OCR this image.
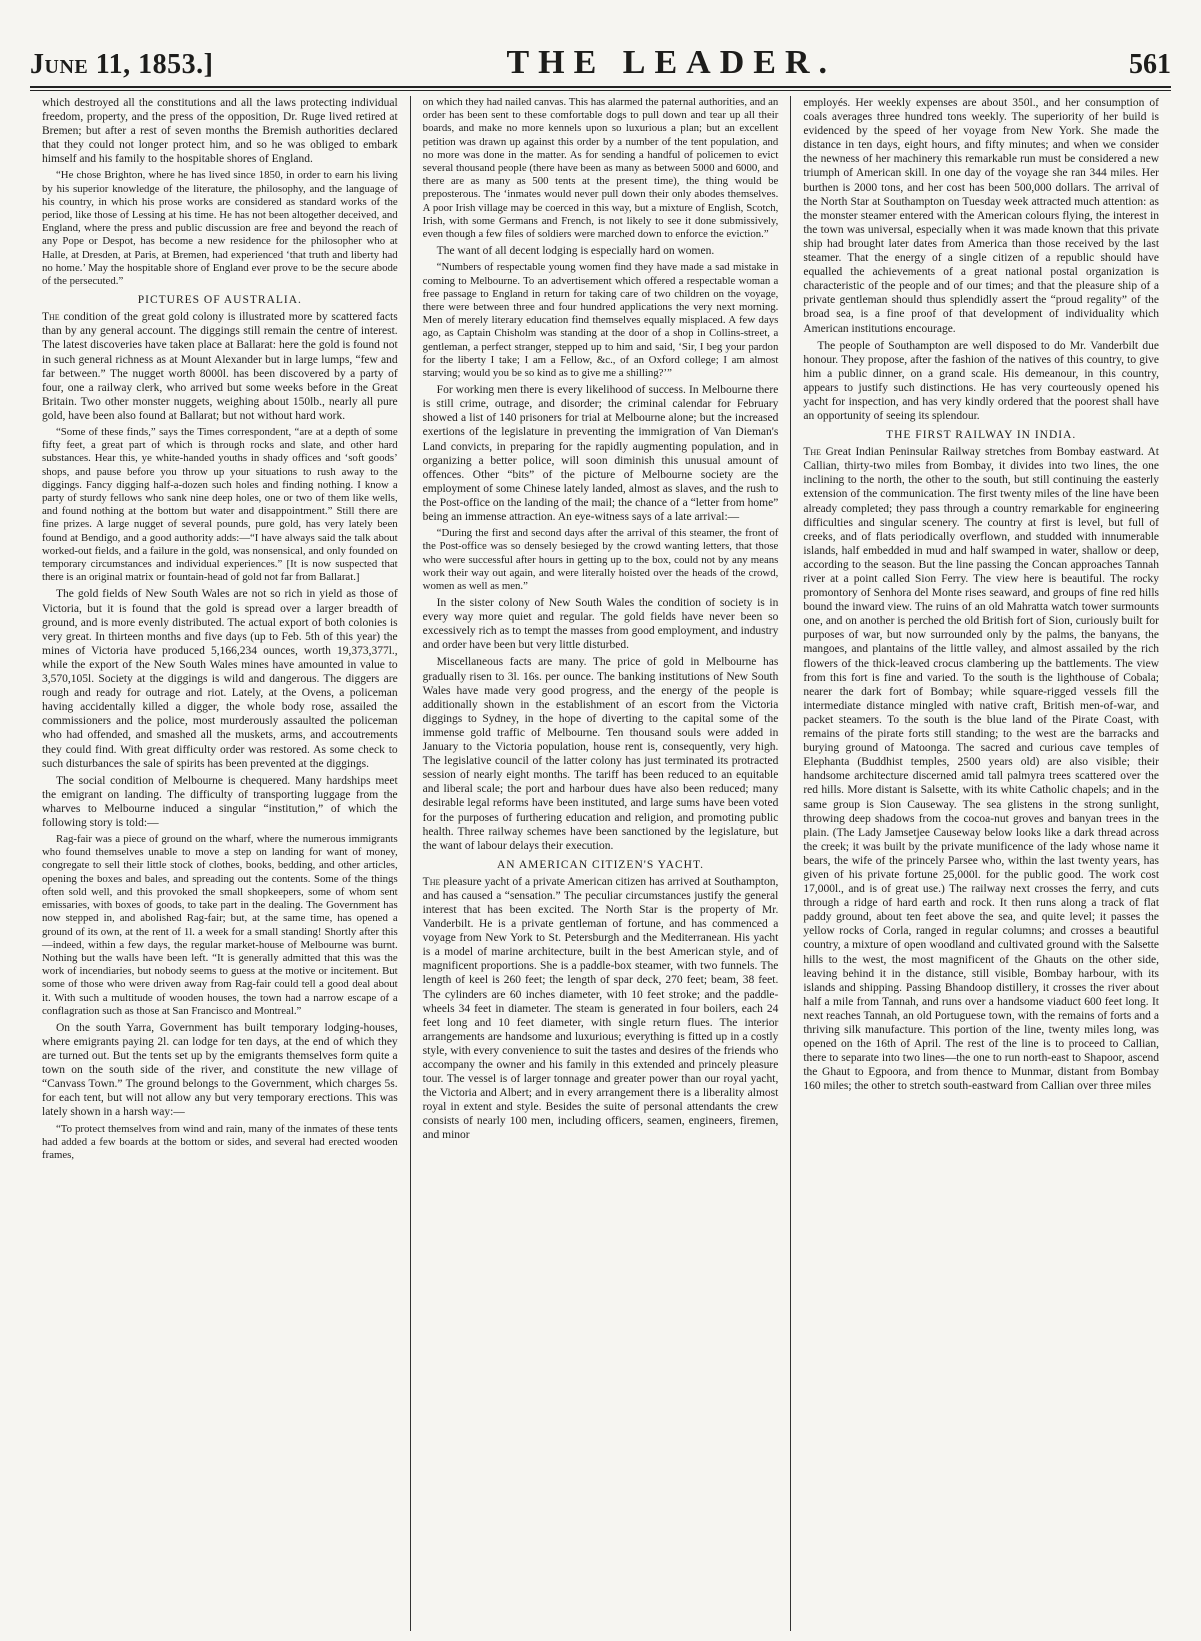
June 11, 1853.]	THE LEADER.	561

which destroyed all the constitutions and all the laws protecting individual freedom, property, and the press of the opposition, Dr. Ruge lived retired at Bremen; but after a rest of seven months the Bremish authorities declared that they could not longer protect him, and so he was obliged to embark himself and his family to the hospitable shores of England.

“He chose Brighton, where he has lived since 1850, in order to earn his living by his superior knowledge of the literature, the philosophy, and the language of his country, in which his prose works are considered as standard works of the period, like those of Lessing at his time. He has not been altogether deceived, and England, where the press and public discussion are free and beyond the reach of any Pope or Despot, has become a new residence for the philosopher who at Halle, at Dresden, at Paris, at Bremen, had experienced ‘that truth and liberty had no home.’ May the hospitable shore of England ever prove to be the secure abode of the persecuted.”

PICTURES OF AUSTRALIA.

The condition of the great gold colony is illustrated more by scattered facts than by any general account. The diggings still remain the centre of interest. The latest discoveries have taken place at Ballarat: here the gold is found not in such general richness as at Mount Alexander but in large lumps, “few and far between.” The nugget worth 8000l. has been discovered by a party of four, one a railway clerk, who arrived but some weeks before in the Great Britain. Two other monster nuggets, weighing about 150lb., nearly all pure gold, have been also found at Ballarat; but not without hard work.

“Some of these finds,” says the Times correspondent, “are at a depth of some fifty feet, a great part of which is through rocks and slate, and other hard substances. Hear this, ye white-handed youths in shady offices and ‘soft goods’ shops, and pause before you throw up your situations to rush away to the diggings. Fancy digging half-a-dozen such holes and finding nothing. I know a party of sturdy fellows who sank nine deep holes, one or two of them like wells, and found nothing at the bottom but water and disappointment.” Still there are fine prizes. A large nugget of several pounds, pure gold, has very lately been found at Bendigo, and a good authority adds:—“I have always said the talk about worked-out fields, and a failure in the gold, was nonsensical, and only founded on temporary circumstances and individual experiences.” [It is now suspected that there is an original matrix or fountain-head of gold not far from Ballarat.]

The gold fields of New South Wales are not so rich in yield as those of Victoria, but it is found that the gold is spread over a larger breadth of ground, and is more evenly distributed. The actual export of both colonies is very great. In thirteen months and five days (up to Feb. 5th of this year) the mines of Victoria have produced 5,166,234 ounces, worth 19,373,377l., while the export of the New South Wales mines have amounted in value to 3,570,105l. Society at the diggings is wild and dangerous. The diggers are rough and ready for outrage and riot. Lately, at the Ovens, a policeman having accidentally killed a digger, the whole body rose, assailed the commissioners and the police, most murderously assaulted the policeman who had offended, and smashed all the muskets, arms, and accoutrements they could find. With great difficulty order was restored. As some check to such disturbances the sale of spirits has been prevented at the diggings.

The social condition of Melbourne is chequered. Many hardships meet the emigrant on landing. The difficulty of transporting luggage from the wharves to Melbourne induced a singular “institution,” of which the following story is told:—

Rag-fair was a piece of ground on the wharf, where the numerous immigrants who found themselves unable to move a step on landing for want of money, congregate to sell their little stock of clothes, books, bedding, and other articles, opening the boxes and bales, and spreading out the contents. Some of the things often sold well, and this provoked the small shopkeepers, some of whom sent emissaries, with boxes of goods, to take part in the dealing. The Government has now stepped in, and abolished Rag-fair; but, at the same time, has opened a ground of its own, at the rent of 1l. a week for a small standing! Shortly after this—indeed, within a few days, the regular market-house of Melbourne was burnt. Nothing but the walls have been left. “It is generally admitted that this was the work of incendiaries, but nobody seems to guess at the motive or incitement. But some of those who were driven away from Rag-fair could tell a good deal about it. With such a multitude of wooden houses, the town had a narrow escape of a conflagration such as those at San Francisco and Montreal.”

On the south Yarra, Government has built temporary lodging-houses, where emigrants paying 2l. can lodge for ten days, at the end of which they are turned out. But the tents set up by the emigrants themselves form quite a town on the south side of the river, and constitute the new village of “Canvass Town.” The ground belongs to the Government, which charges 5s. for each tent, but will not allow any but very temporary erections. This was lately shown in a harsh way:—

“To protect themselves from wind and rain, many of the inmates of these tents had added a few boards at the bottom or sides, and several had erected wooden frames,

on which they had nailed canvas. This has alarmed the paternal authorities, and an order has been sent to these comfortable dogs to pull down and tear up all their boards, and make no more kennels upon so luxurious a plan; but an excellent petition was drawn up against this order by a number of the tent population, and no more was done in the matter. As for sending a handful of policemen to evict several thousand people (there have been as many as between 5000 and 6000, and there are as many as 500 tents at the present time), the thing would be preposterous. The ‘inmates would never pull down their only abodes themselves. A poor Irish village may be coerced in this way, but a mixture of English, Scotch, Irish, with some Germans and French, is not likely to see it done submissively, even though a few files of soldiers were marched down to enforce the eviction.”

The want of all decent lodging is especially hard on women.

“Numbers of respectable young women find they have made a sad mistake in coming to Melbourne. To an advertisement which offered a respectable woman a free passage to England in return for taking care of two children on the voyage, there were between three and four hundred applications the very next morning. Men of merely literary education find themselves equally misplaced. A few days ago, as Captain Chisholm was standing at the door of a shop in Collins-street, a gentleman, a perfect stranger, stepped up to him and said, ‘Sir, I beg your pardon for the liberty I take; I am a Fellow, &c., of an Oxford college; I am almost starving; would you be so kind as to give me a shilling?’”

For working men there is every likelihood of success. In Melbourne there is still crime, outrage, and disorder; the criminal calendar for February showed a list of 140 prisoners for trial at Melbourne alone; but the increased exertions of the legislature in preventing the immigration of Van Dieman's Land convicts, in preparing for the rapidly augmenting population, and in organizing a better police, will soon diminish this unusual amount of offences. Other “bits” of the picture of Melbourne society are the employment of some Chinese lately landed, almost as slaves, and the rush to the Post-office on the landing of the mail; the chance of a “letter from home” being an immense attraction. An eye-witness says of a late arrival:—

“During the first and second days after the arrival of this steamer, the front of the Post-office was so densely besieged by the crowd wanting letters, that those who were successful after hours in getting up to the box, could not by any means work their way out again, and were literally hoisted over the heads of the crowd, women as well as men.”

In the sister colony of New South Wales the condition of society is in every way more quiet and regular. The gold fields have never been so excessively rich as to tempt the masses from good employment, and industry and order have been but very little disturbed.

Miscellaneous facts are many. The price of gold in Melbourne has gradually risen to 3l. 16s. per ounce. The banking institutions of New South Wales have made very good progress, and the energy of the people is additionally shown in the establishment of an escort from the Victoria diggings to Sydney, in the hope of diverting to the capital some of the immense gold traffic of Melbourne. Ten thousand souls were added in January to the Victoria population, house rent is, consequently, very high. The legislative council of the latter colony has just terminated its protracted session of nearly eight months. The tariff has been reduced to an equitable and liberal scale; the port and harbour dues have also been reduced; many desirable legal reforms have been instituted, and large sums have been voted for the purposes of furthering education and religion, and promoting public health. Three railway schemes have been sanctioned by the legislature, but the want of labour delays their execution.

AN AMERICAN CITIZEN'S YACHT.

The pleasure yacht of a private American citizen has arrived at Southampton, and has caused a “sensation.” The peculiar circumstances justify the general interest that has been excited. The North Star is the property of Mr. Vanderbilt. He is a private gentleman of fortune, and has commenced a voyage from New York to St. Petersburgh and the Mediterranean. His yacht is a model of marine architecture, built in the best American style, and of magnificent proportions. She is a paddle-box steamer, with two funnels. The length of keel is 260 feet; the length of spar deck, 270 feet; beam, 38 feet. The cylinders are 60 inches diameter, with 10 feet stroke; and the paddle-wheels 34 feet in diameter. The steam is generated in four boilers, each 24 feet long and 10 feet diameter, with single return flues. The interior arrangements are handsome and luxurious; everything is fitted up in a costly style, with every convenience to suit the tastes and desires of the friends who accompany the owner and his family in this extended and princely pleasure tour. The vessel is of larger tonnage and greater power than our royal yacht, the Victoria and Albert; and in every arrangement there is a liberality almost royal in extent and style. Besides the suite of personal attendants the crew consists of nearly 100 men, including officers, seamen, engineers, firemen, and minor

employés. Her weekly expenses are about 350l., and her consumption of coals averages three hundred tons weekly. The superiority of her build is evidenced by the speed of her voyage from New York. She made the distance in ten days, eight hours, and fifty minutes; and when we consider the newness of her machinery this remarkable run must be considered a new triumph of American skill. In one day of the voyage she ran 344 miles. Her burthen is 2000 tons, and her cost has been 500,000 dollars. The arrival of the North Star at Southampton on Tuesday week attracted much attention: as the monster steamer entered with the American colours flying, the interest in the town was universal, especially when it was made known that this private ship had brought later dates from America than those received by the last steamer. That the energy of a single citizen of a republic should have equalled the achievements of a great national postal organization is characteristic of the people and of our times; and that the pleasure ship of a private gentleman should thus splendidly assert the “proud regality” of the broad sea, is a fine proof of that development of individuality which American institutions encourage.

The people of Southampton are well disposed to do Mr. Vanderbilt due honour. They propose, after the fashion of the natives of this country, to give him a public dinner, on a grand scale. His demeanour, in this country, appears to justify such distinctions. He has very courteously opened his yacht for inspection, and has very kindly ordered that the poorest shall have an opportunity of seeing its splendour.

THE FIRST RAILWAY IN INDIA.

The Great Indian Peninsular Railway stretches from Bombay eastward. At Callian, thirty-two miles from Bombay, it divides into two lines, the one inclining to the north, the other to the south, but still continuing the easterly extension of the communication. The first twenty miles of the line have been already completed; they pass through a country remarkable for engineering difficulties and singular scenery. The country at first is level, but full of creeks, and of flats periodically overflown, and studded with innumerable islands, half embedded in mud and half swamped in water, shallow or deep, according to the season. But the line passing the Concan approaches Tannah river at a point called Sion Ferry. The view here is beautiful. The rocky promontory of Senhora del Monte rises seaward, and groups of fine red hills bound the inward view. The ruins of an old Mahratta watch tower surmounts one, and on another is perched the old British fort of Sion, curiously built for purposes of war, but now surrounded only by the palms, the banyans, the mangoes, and plantains of the little valley, and almost assailed by the rich flowers of the thick-leaved crocus clambering up the battlements. The view from this fort is fine and varied. To the south is the lighthouse of Cobala; nearer the dark fort of Bombay; while square-rigged vessels fill the intermediate distance mingled with native craft, British men-of-war, and packet steamers. To the south is the blue land of the Pirate Coast, with remains of the pirate forts still standing; to the west are the barracks and burying ground of Matoonga. The sacred and curious cave temples of Elephanta (Buddhist temples, 2500 years old) are also visible; their handsome architecture discerned amid tall palmyra trees scattered over the red hills. More distant is Salsette, with its white Catholic chapels; and in the same group is Sion Causeway. The sea glistens in the strong sunlight, throwing deep shadows from the cocoa-nut groves and banyan trees in the plain. (The Lady Jamsetjee Causeway below looks like a dark thread across the creek; it was built by the private munificence of the lady whose name it bears, the wife of the princely Parsee who, within the last twenty years, has given of his private fortune 25,000l. for the public good. The work cost 17,000l., and is of great use.) The railway next crosses the ferry, and cuts through a ridge of hard earth and rock. It then runs along a track of flat paddy ground, about ten feet above the sea, and quite level; it passes the yellow rocks of Corla, ranged in regular columns; and crosses a beautiful country, a mixture of open woodland and cultivated ground with the Salsette hills to the west, the most magnificent of the Ghauts on the other side, leaving behind it in the distance, still visible, Bombay harbour, with its islands and shipping. Passing Bhandoop distillery, it crosses the river about half a mile from Tannah, and runs over a handsome viaduct 600 feet long. It next reaches Tannah, an old Portuguese town, with the remains of forts and a thriving silk manufacture. This portion of the line, twenty miles long, was opened on the 16th of April. The rest of the line is to proceed to Callian, there to separate into two lines—the one to run north-east to Shapoor, ascend the Ghaut to Egpoora, and from thence to Munmar, distant from Bombay 160 miles; the other to stretch south-eastward from Callian over three miles
